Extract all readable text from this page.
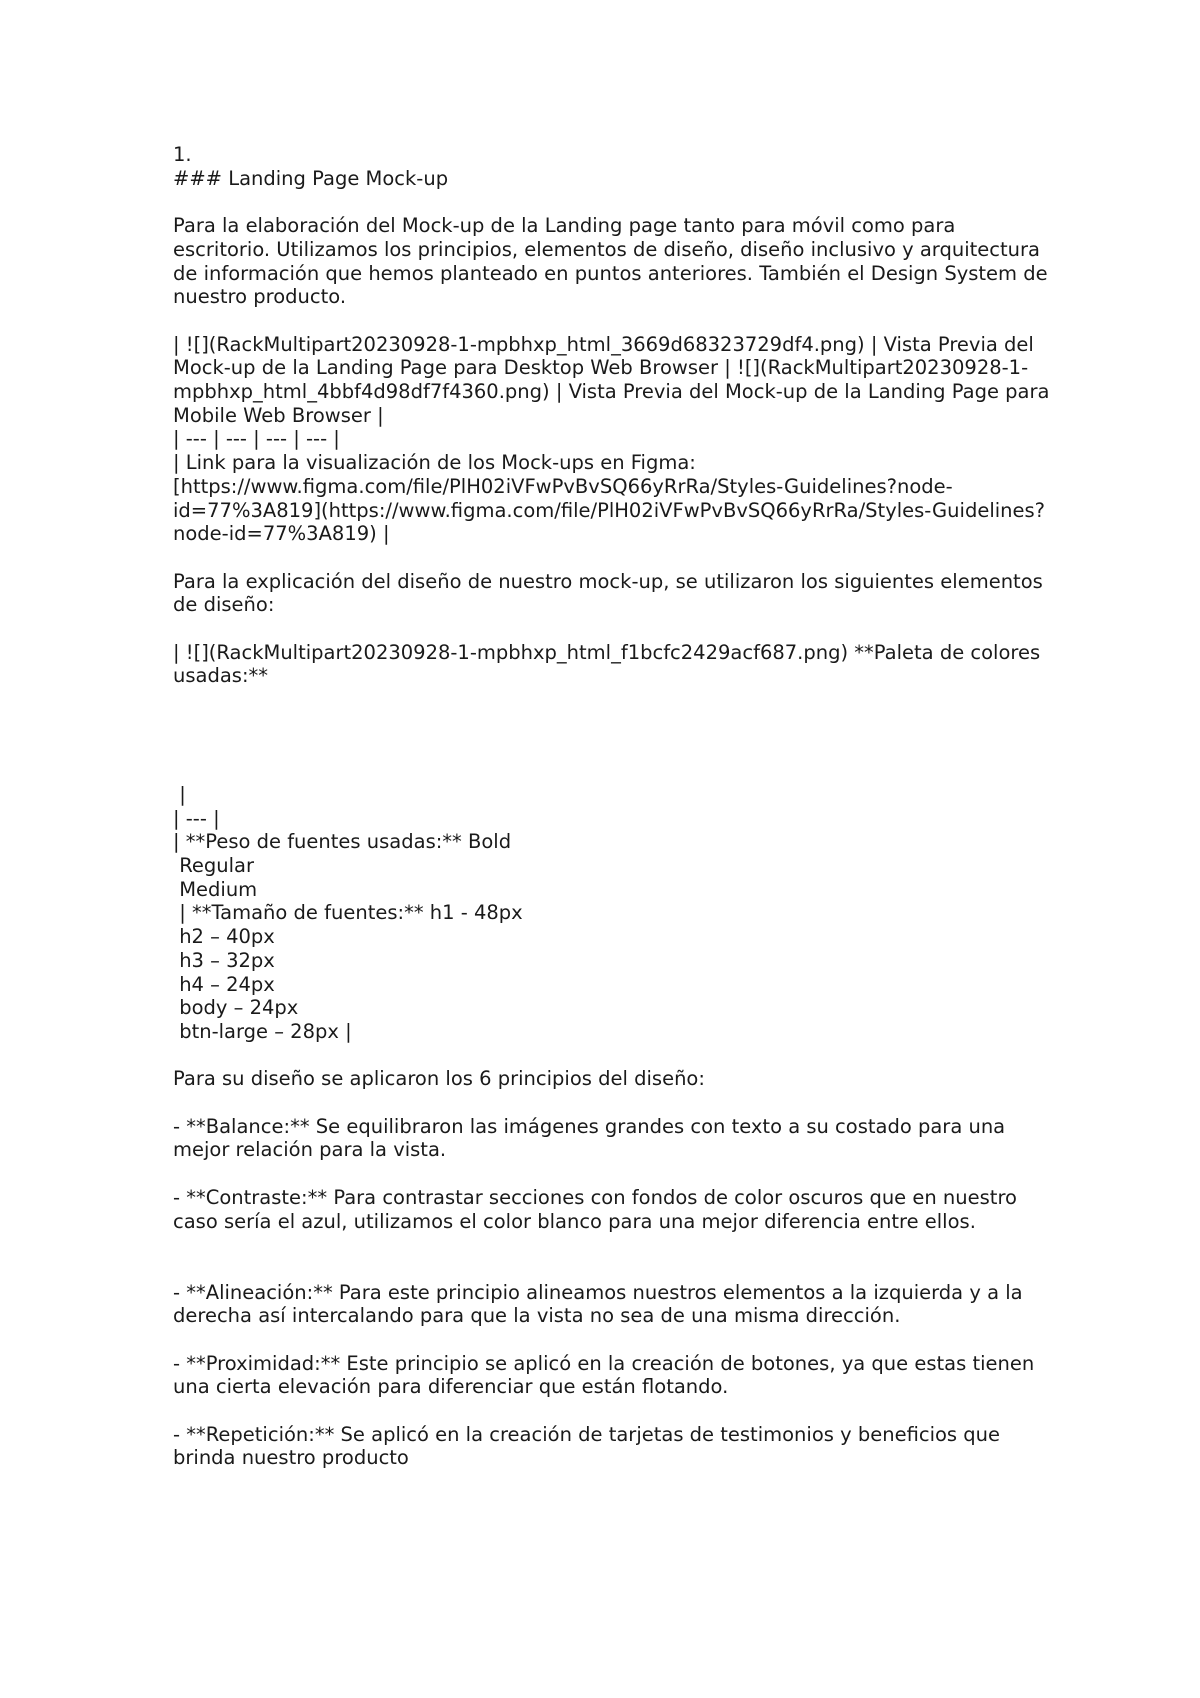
1.
### Landing Page Mock-up
Para la elaboración del Mock-up de la Landing page tanto para móvil como para escritorio. Utilizamos los principios, elementos de diseño, diseño inclusivo y arquitectura de información que hemos planteado en puntos anteriores. También el Design System de nuestro producto.
| ![](RackMultipart20230928-1-mpbhxp_html_3669d68323729df4.png) | Vista Previa del Mock-up de la Landing Page para Desktop Web Browser | ![](RackMultipart20230928-1-mpbhxp_html_4bbf4d98df7f4360.png) | Vista Previa del Mock-up de la Landing Page para Mobile Web Browser |
| --- | --- | --- | --- |
| Link para la visualización de los Mock-ups en Figma: [https://www.figma.com/file/PlH02iVFwPvBvSQ66yRrRa/Styles-Guidelines?node-id=77%3A819](https://www.figma.com/file/PlH02iVFwPvBvSQ66yRrRa/Styles-Guidelines?node-id=77%3A819) |
Para la explicación del diseño de nuestro mock-up, se utilizaron los siguientes elementos de diseño:
| ![](RackMultipart20230928-1-mpbhxp_html_f1bcfc2429acf687.png) **Paleta de colores usadas:**
|
| --- |
| **Peso de fuentes usadas:** Bold
Regular
Medium
| **Tamaño de fuentes:** h1 - 48px
h2 – 40px
h3 – 32px
h4 – 24px
body – 24px
btn-large – 28px |
Para su diseño se aplicaron los 6 principios del diseño:
- **Balance:** Se equilibraron las imágenes grandes con texto a su costado para una mejor relación para la vista.
- **Contraste:** Para contrastar secciones con fondos de color oscuros que en nuestro caso sería el azul, utilizamos el color blanco para una mejor diferencia entre ellos.
- **Alineación:** Para este principio alineamos nuestros elementos a la izquierda y a la derecha así intercalando para que la vista no sea de una misma dirección.
- **Proximidad:** Este principio se aplicó en la creación de botones, ya que estas tienen una cierta elevación para diferenciar que están flotando.
- **Repetición:** Se aplicó en la creación de tarjetas de testimonios y beneficios que brinda nuestro producto
